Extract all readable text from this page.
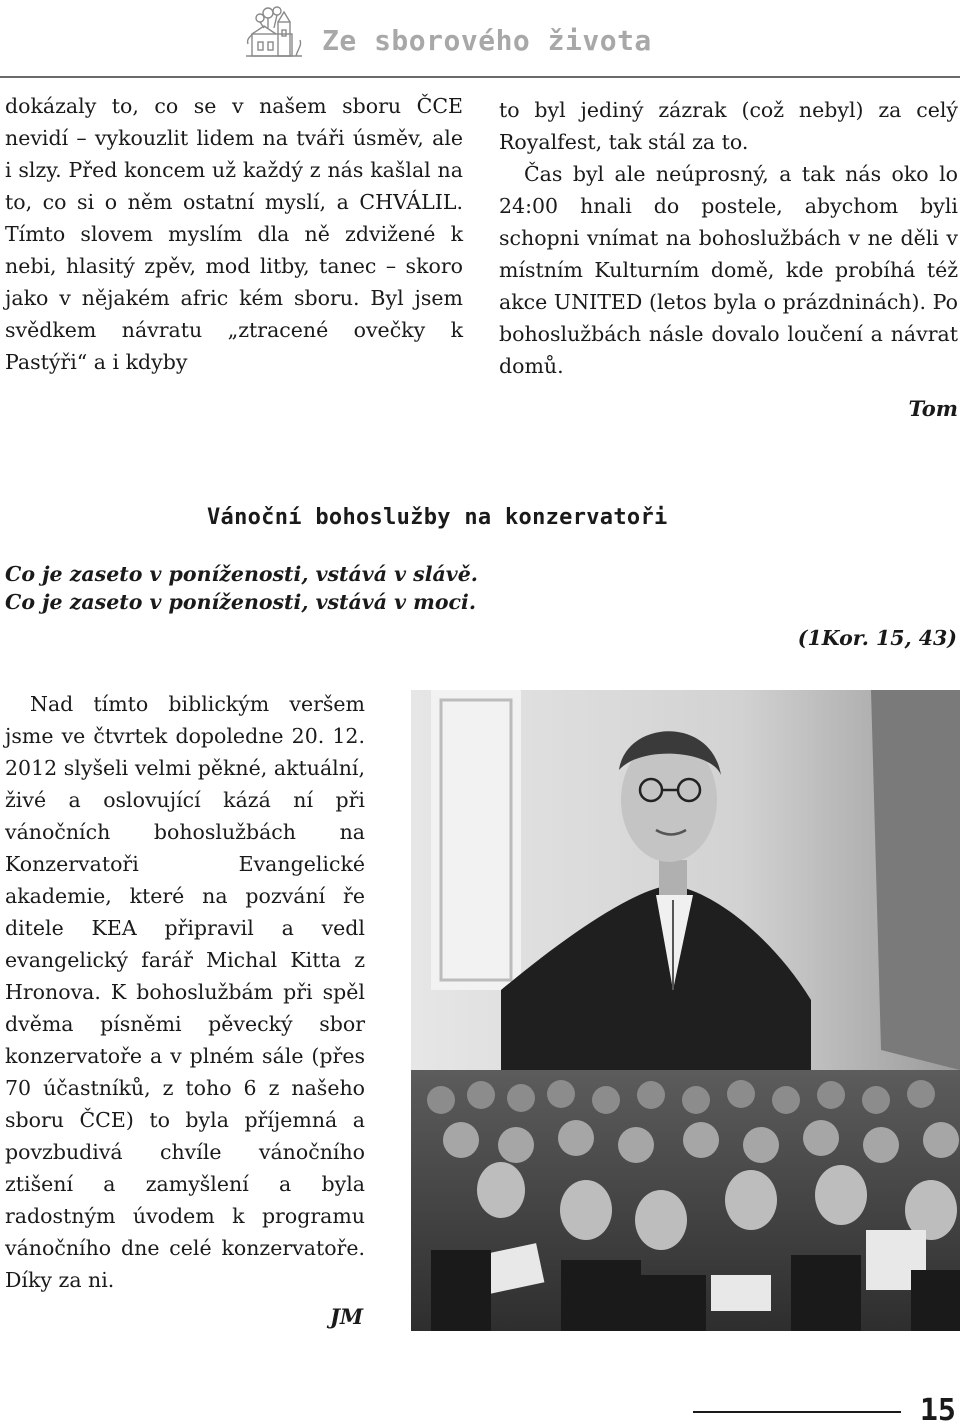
Ze sborového života

dokázaly to, co se v našem sboru ČCE nevidí – vykouzlit lidem na tváři úsměv, ale i slzy. Před koncem už každý z nás kašlal na to, co si o něm ostatní myslí, a CHVÁLIL. Tímto slovem myslím dla ně zdvižené k nebi, hlasitý zpěv, mod litby, tanec – skoro jako v nějakém afric kém sboru. Byl jsem svědkem návratu „ztracené ovečky k Pastýři“ a i kdyby

to byl jediný zázrak (což nebyl) za celý Royalfest, tak stál za to.

Čas byl ale neúprosný, a tak nás oko lo 24:00 hnali do postele, abychom byli schopni vnímat na bohoslužbách v ne děli v místním Kulturním domě, kde probíhá též akce UNITED (letos byla o prázdninách). Po bohoslužbách násle dovalo loučení a návrat domů.

Tom
Vánoční bohoslužby na konzervatoři
Co je zaseto v poníženosti, vstává v slávě.
Co je zaseto v poníženosti, vstává v moci.
(1Kor. 15, 43)

Nad tímto biblickým veršem jsme ve čtvrtek dopoledne 20. 12. 2012 slyšeli velmi pěkné, aktuální, živé a oslovující kázá ní při vánočních bohoslužbách na Konzervatoři Evangelické akademie, které na pozvání ře ditele KEA připravil a vedl evangelický farář Michal Kitta z Hronova. K bohoslužbám při spěl dvěma písněmi pěvecký sbor konzervatoře a v plném sále (přes 70 účastníků, z toho 6 z našeho sboru ČCE) to byla příjemná a povzbudivá chvíle vánočního ztišení a zamyšlení a byla radostným úvodem k programu vánočního dne celé konzervatoře. Díky za ni.

JM
15
